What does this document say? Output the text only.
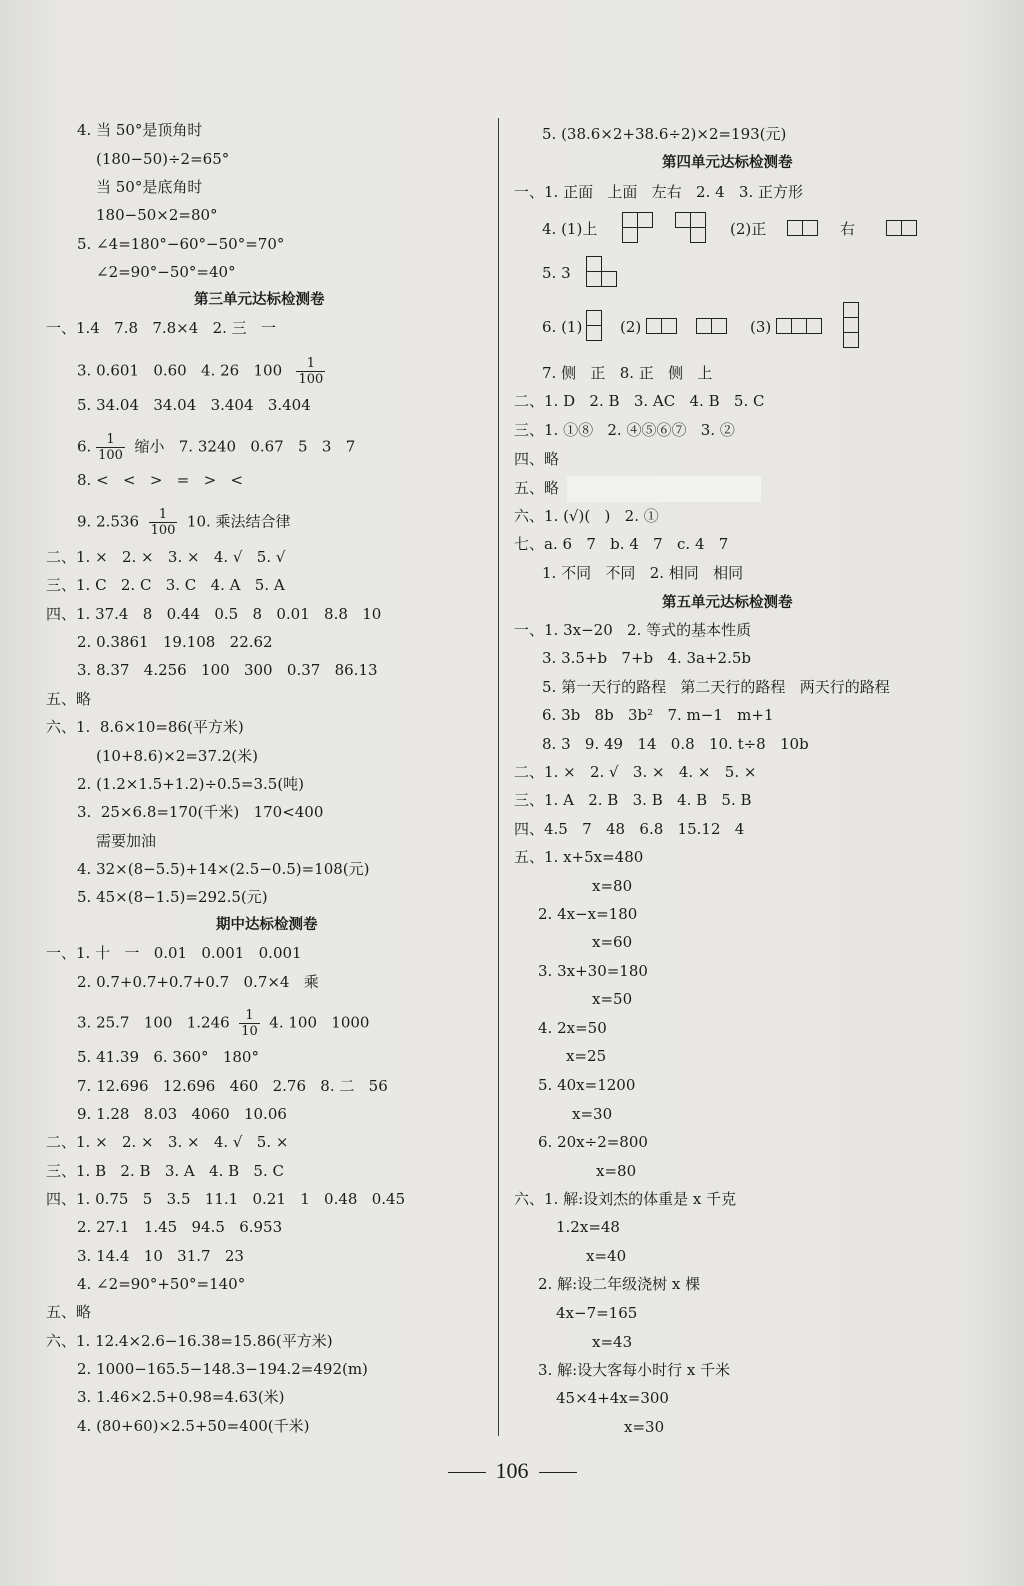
4. 当 50°是顶角时
(180−50)÷2=65°
当 50°是底角时
180−50×2=80°
5. ∠4=180°−60°−50°=70°
∠2=90°−50°=40°
第三单元达标检测卷
一、1.4   7.8   7.8×4   2. 三   一
3. 0.601   0.60   4. 26   $100 \frac{1}{100}$
5. 34.04   34.04   3.404   3.404
6. $\frac{1}{100}$ 缩小   7. 3240   0.67   5   3   7
8. <   <   >   =   >   <
9. $2.536 \frac{1}{100} 10$. 乘法结合律
二、1. ×   2. ×   3. ×   4. √   5. √
三、1. C   2. C   3. C   4. A   5. A
四、1. 37.4   8   0.44   0.5   8   0.01   8.8   10
2. 0.3861   19.108   22.62
3. 8.37   4.256   100   300   0.37   86.13
五、略
六、1.  8.6×10=86(平方米)
(10+8.6)×2=37.2(米)
2. (1.2×1.5+1.2)÷0.5=3.5(吨)
3.  25×6.8=170(千米)   170<400
需要加油
4. 32×(8−5.5)+14×(2.5−0.5)=108(元)
5. 45×(8−1.5)=292.5(元)
期中达标检测卷
一、1. 十   一   0.01   0.001   0.001
2. 0.7+0.7+0.7+0.7   0.7×4   乘
3. 25.7   100   $1.246 \frac{1}{10} 4$. 100   1000
5. 41.39   6. 360°   180°
7. 12.696   12.696   460   2.76   8. 二   56
9. 1.28   8.03   4060   10.06
二、1. ×   2. ×   3. ×   4. √   5. ×
三、1. B   2. B   3. A   4. B   5. C
四、1. 0.75   5   3.5   11.1   0.21   1   0.48   0.45
2. 27.1   1.45   94.5   6.953
3. 14.4   10   31.7   23
4. ∠2=90°+50°=140°
五、略
六、1. 12.4×2.6−16.38=15.86(平方米)
2. 1000−165.5−148.3−194.2=492(m)
3. 1.46×2.5+0.98=4.63(米)
4. (80+60)×2.5+50=400(千米)
5. (38.6×2+38.6÷2)×2=193(元)
第四单元达标检测卷
一、1. 正面   上面   左右   2. 4   3. 正方形
4. (1)上	(2)正	右
5. 3
6. (1)	(2)	(3)
7. 侧   正   8. 正   侧   上
二、1. D   2. B   3. AC   4. B   5. C
三、1. ①⑧   2. ④⑤⑥⑦   3. ②
四、略
五、略
六、1. (√)(   )   2. ①
七、a. 6   7   b. 4   7   c. 4   7
1. 不同   不同   2. 相同   相同
第五单元达标检测卷
一、1. 3x−20   2. 等式的基本性质
3. 3.5+b   7+b   4. 3a+2.5b
5. 第一天行的路程   第二天行的路程   两天行的路程
6. 3b   8b   3b²   7. m−1   m+1
8. 3   9. 49   14   0.8   10. t÷8   10b
二、1. ×   2. √   3. ×   4. ×   5. ×
三、1. A   2. B   3. B   4. B   5. B
四、4.5   7   48   6.8   15.12   4
五、1. x+5x=480
x=80
2. 4x−x=180
x=60
3. 3x+30=180
x=50
4. 2x=50
x=25
5. 40x=1200
x=30
6. 20x÷2=800
x=80
六、1. 解:设刘杰的体重是 x 千克
1.2x=48
x=40
2. 解:设二年级浇树 x 棵
4x−7=165
x=43
3. 解:设大客每小时行 x 千米
45×4+4x=300
x=30
106
